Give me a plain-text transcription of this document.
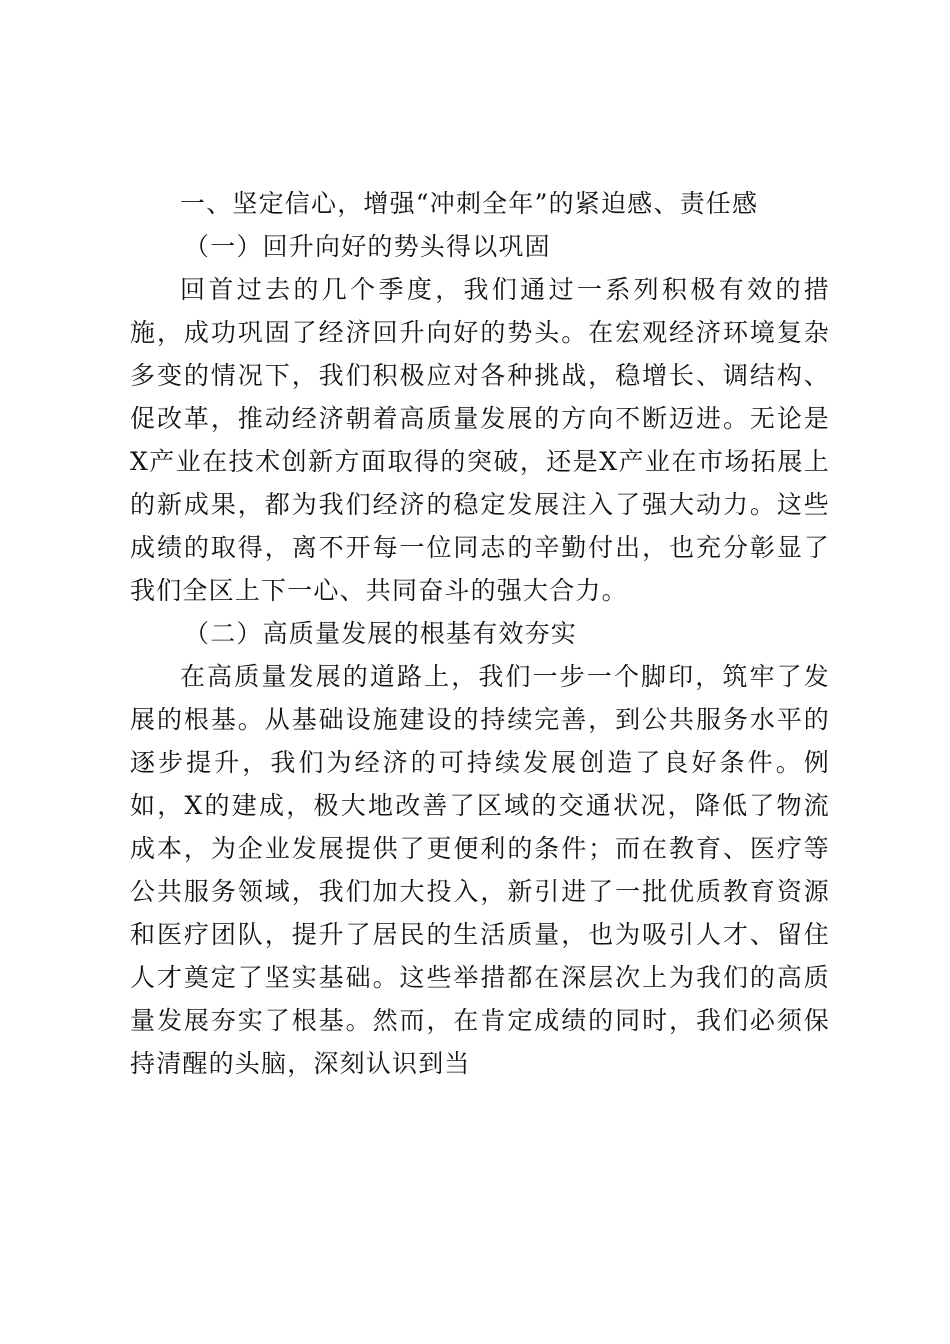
一、坚定信心，增强“冲刺全年”的紧迫感、责任感

（一）回升向好的势头得以巩固

回首过去的几个季度，我们通过一系列积极有效的措施，成功巩固了经济回升向好的势头。在宏观经济环境复杂多变的情况下，我们积极应对各种挑战，稳增长、调结构、促改革，推动经济朝着高质量发展的方向不断迈进。无论是X产业在技术创新方面取得的突破，还是X产业在市场拓展上的新成果，都为我们经济的稳定发展注入了强大动力。这些成绩的取得，离不开每一位同志的辛勤付出，也充分彰显了我们全区上下一心、共同奋斗的强大合力。

（二）高质量发展的根基有效夯实

在高质量发展的道路上，我们一步一个脚印，筑牢了发展的根基。从基础设施建设的持续完善，到公共服务水平的逐步提升，我们为经济的可持续发展创造了良好条件。例如，X的建成，极大地改善了区域的交通状况，降低了物流成本，为企业发展提供了更便利的条件；而在教育、医疗等公共服务领域，我们加大投入，新引进了一批优质教育资源和医疗团队，提升了居民的生活质量，也为吸引人才、留住人才奠定了坚实基础。这些举措都在深层次上为我们的高质量发展夯实了根基。然而，在肯定成绩的同时，我们必须保持清醒的头脑，深刻认识到当
